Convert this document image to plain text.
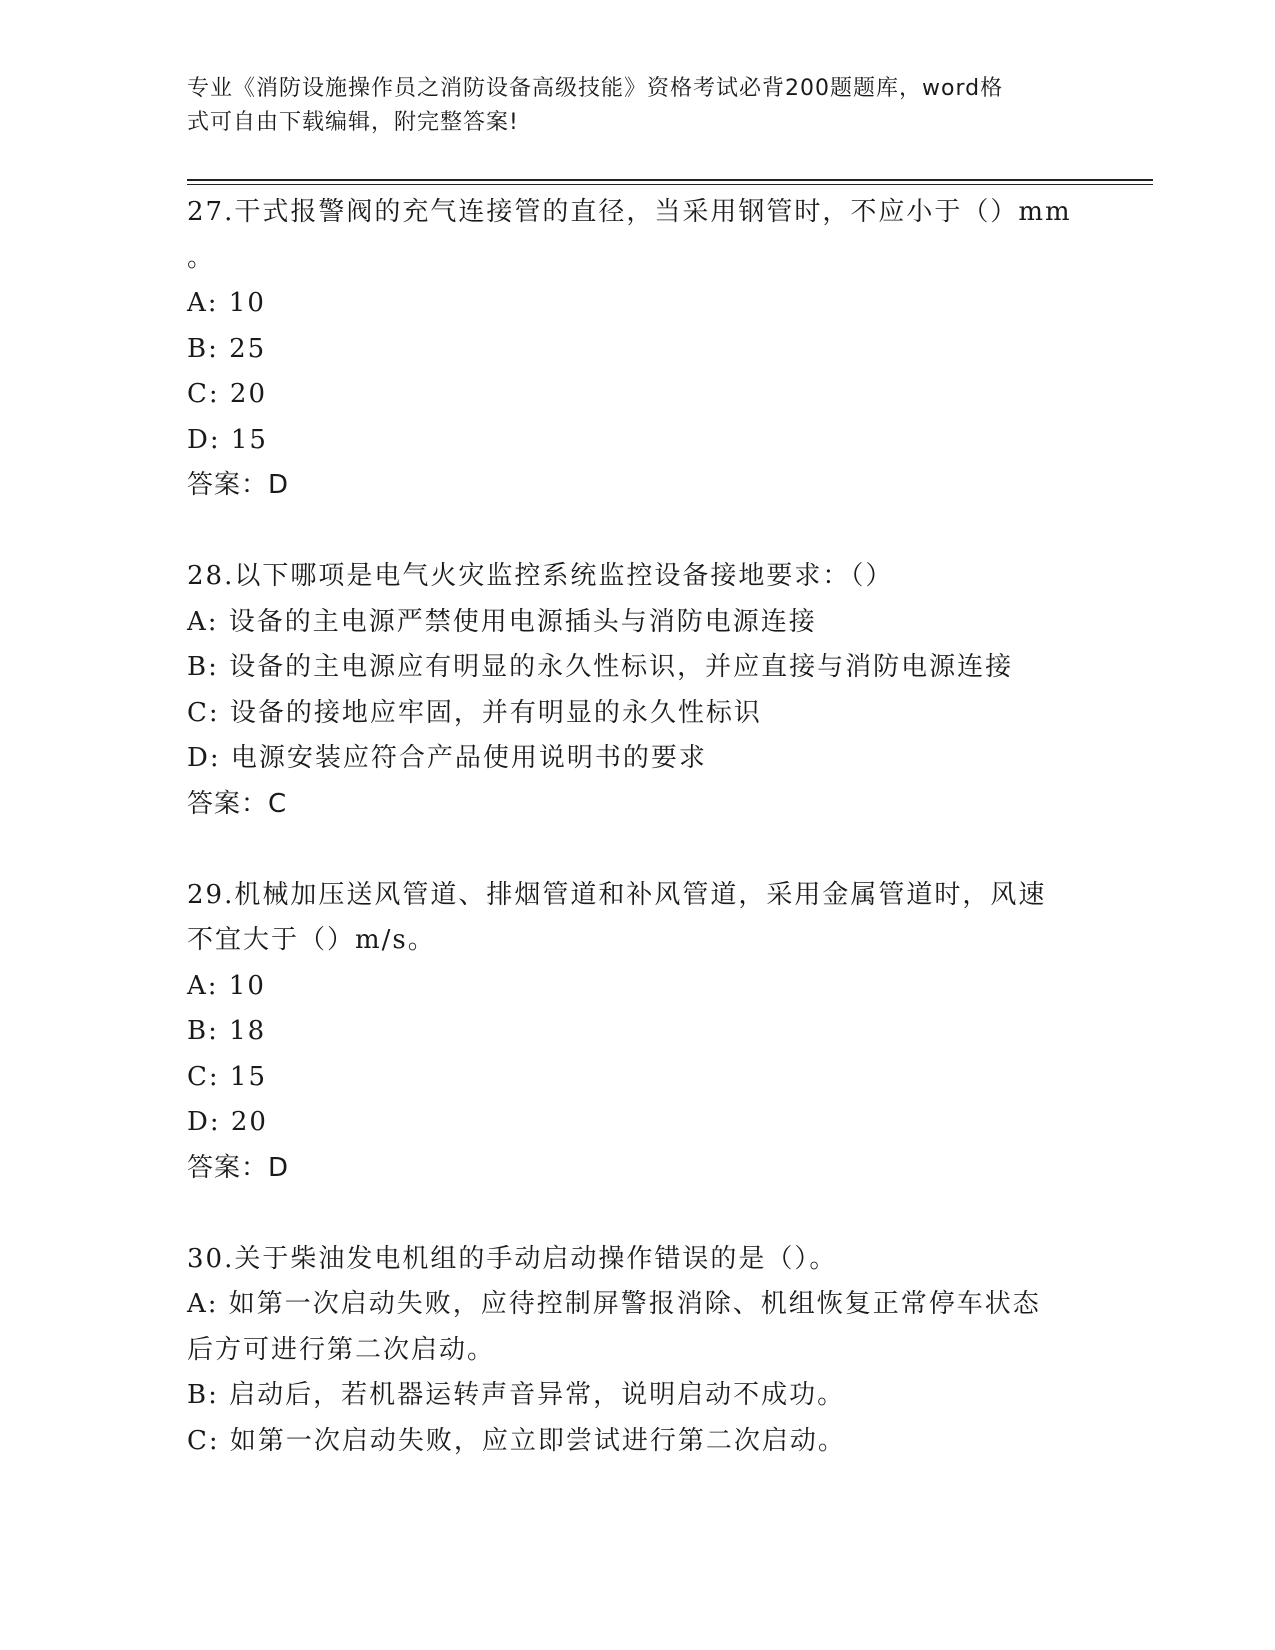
专业《消防设施操作员之消防设备高级技能》资格考试必背200题题库，word格
式可自由下载编辑，附完整答案!
27.干式报警阀的充气连接管的直径，当采用钢管时，不应小于（）mm
。
A: 10
B: 25
C: 20
D: 15
答案：D
28.以下哪项是电气火灾监控系统监控设备接地要求：（）
A: 设备的主电源严禁使用电源插头与消防电源连接
B: 设备的主电源应有明显的永久性标识，并应直接与消防电源连接
C: 设备的接地应牢固，并有明显的永久性标识
D: 电源安装应符合产品使用说明书的要求
答案：C
29.机械加压送风管道、排烟管道和补风管道，采用金属管道时，风速
不宜大于（）m/s。
A: 10
B: 18
C: 15
D: 20
答案：D
30.关于柴油发电机组的手动启动操作错误的是（）。
A: 如第一次启动失败，应待控制屏警报消除、机组恢复正常停车状态
后方可进行第二次启动。
B: 启动后，若机器运转声音异常，说明启动不成功。
C: 如第一次启动失败，应立即尝试进行第二次启动。
